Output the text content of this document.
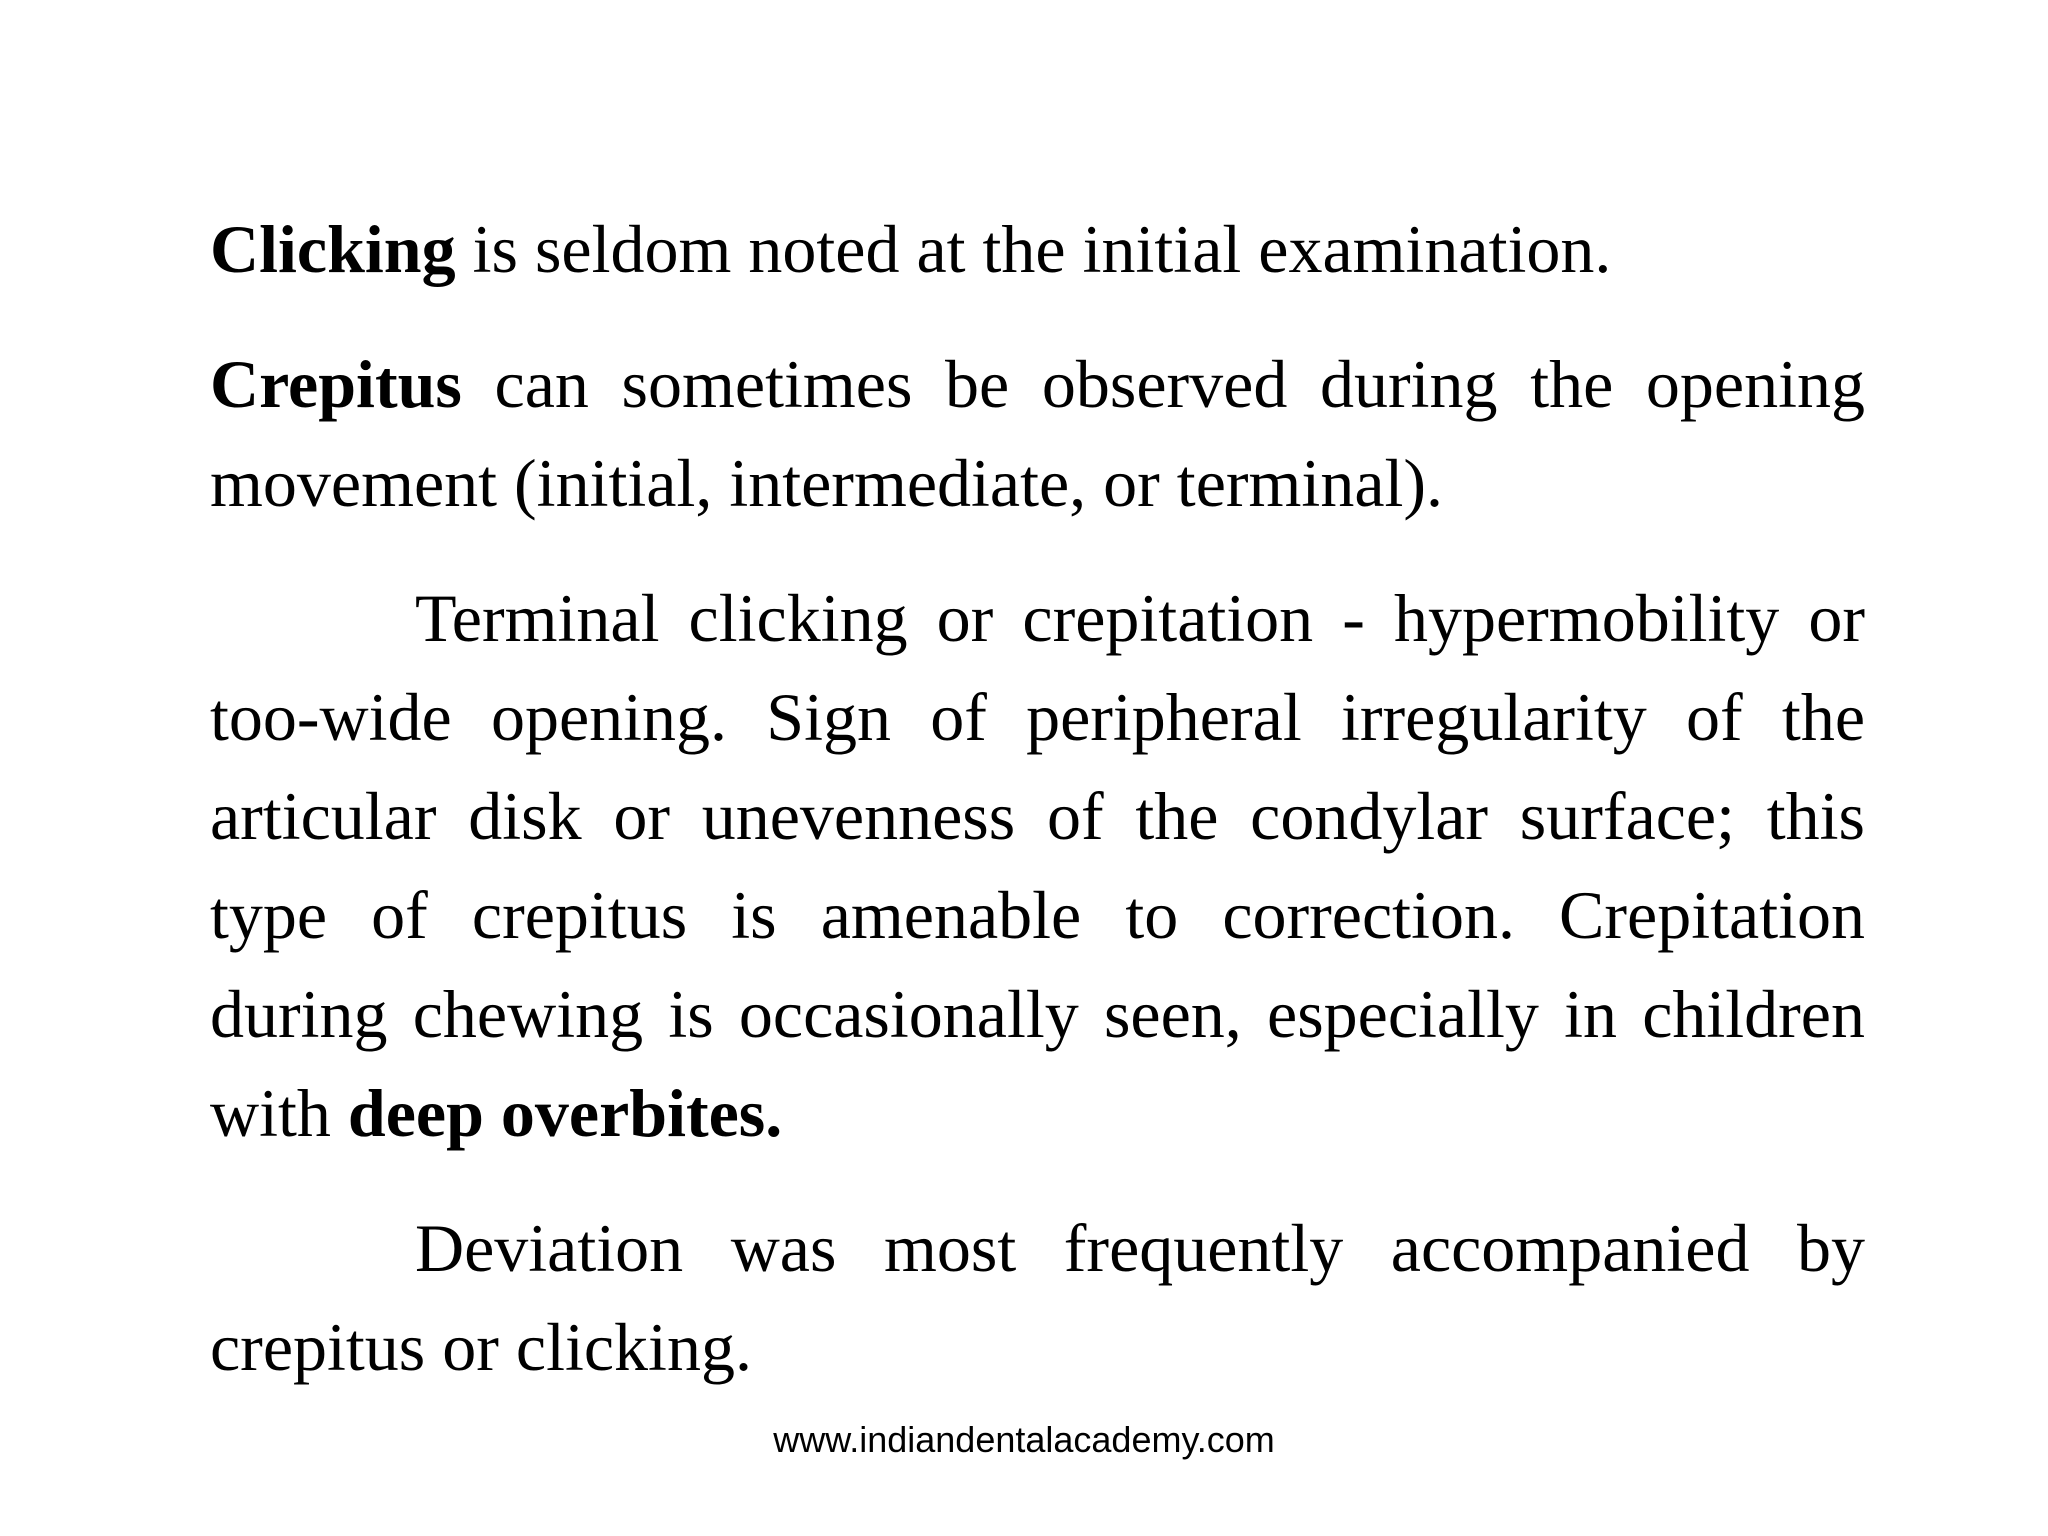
Clicking is seldom noted at the initial examination.

Crepitus can sometimes be observed during the opening movement (initial, intermediate, or terminal).

Terminal clicking or crepitation - hypermobility or too-wide opening. Sign of peripheral irregularity of the articular disk or unevenness of the condylar surface; this type of crepitus is amenable to correction. Crepitation during chewing is occasionally seen, especially in children with deep overbites.

Deviation was most frequently accompanied by crepitus or clicking.

www.indiandentalacademy.com
